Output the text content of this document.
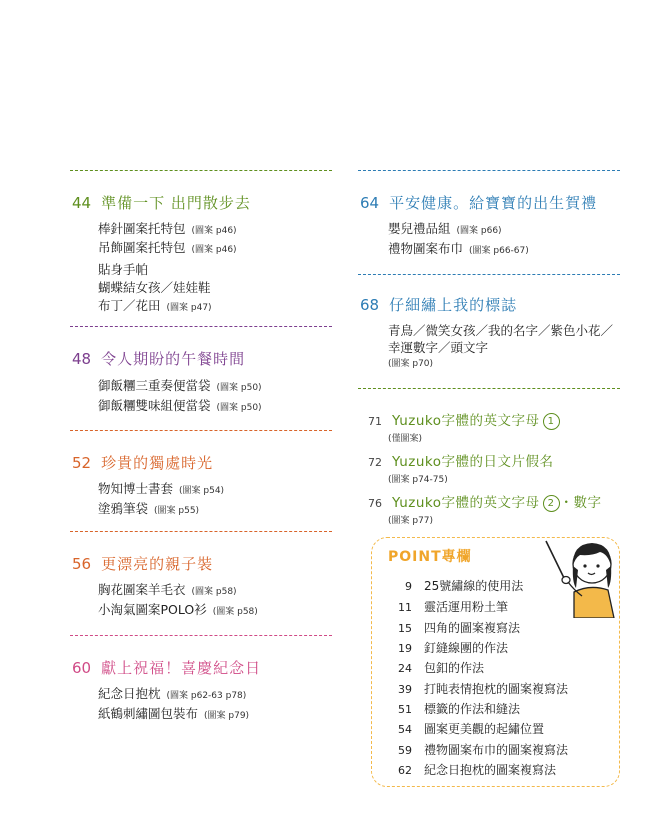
44 準備一下 出門散步去
棒針圖案托特包 (圖案 p46)
吊飾圖案托特包 (圖案 p46)
貼身手帕
蝴蝶結女孩／娃娃鞋
布丁／花田 (圖案 p47)
48 令人期盼的午餐時間
御飯糰三重奏便當袋 (圖案 p50)
御飯糰雙味組便當袋 (圖案 p50)
52 珍貴的獨處時光
物知博士書套 (圖案 p54)
塗鴉筆袋 (圖案 p55)
56 更漂亮的親子裝
胸花圖案羊毛衣 (圖案 p58)
小淘氣圖案POLO衫 (圖案 p58)
60 獻上祝福！喜慶紀念日
紀念日抱枕 (圖案 p62-63 p78)
紙鶴刺繡圖包裝布 (圖案 p79)
64 平安健康。給寶寶的出生賀禮
嬰兒禮品組 (圖案 p66)
禮物圖案布巾 (圖案 p66-67)
68 仔細繡上我的標誌
青鳥／微笑女孩／我的名字／紫色小花／
幸運數字／頭文字
(圖案 p70)
71 Yuzuko字體的英文字母 1
(僅圖案)
72 Yuzuko字體的日文片假名
(圖案 p74-75)
76 Yuzuko字體的英文字母 2 ・數字
(圖案 p77)
POINT專欄
9 25號繡線的使用法
11 靈活運用粉土筆
15 四角的圖案複寫法
19 釘縫線團的作法
24 包釦的作法
39 打盹表情抱枕的圖案複寫法
51 標籤的作法和縫法
54 圖案更美觀的起繡位置
59 禮物圖案布巾的圖案複寫法
62 紀念日抱枕的圖案複寫法
